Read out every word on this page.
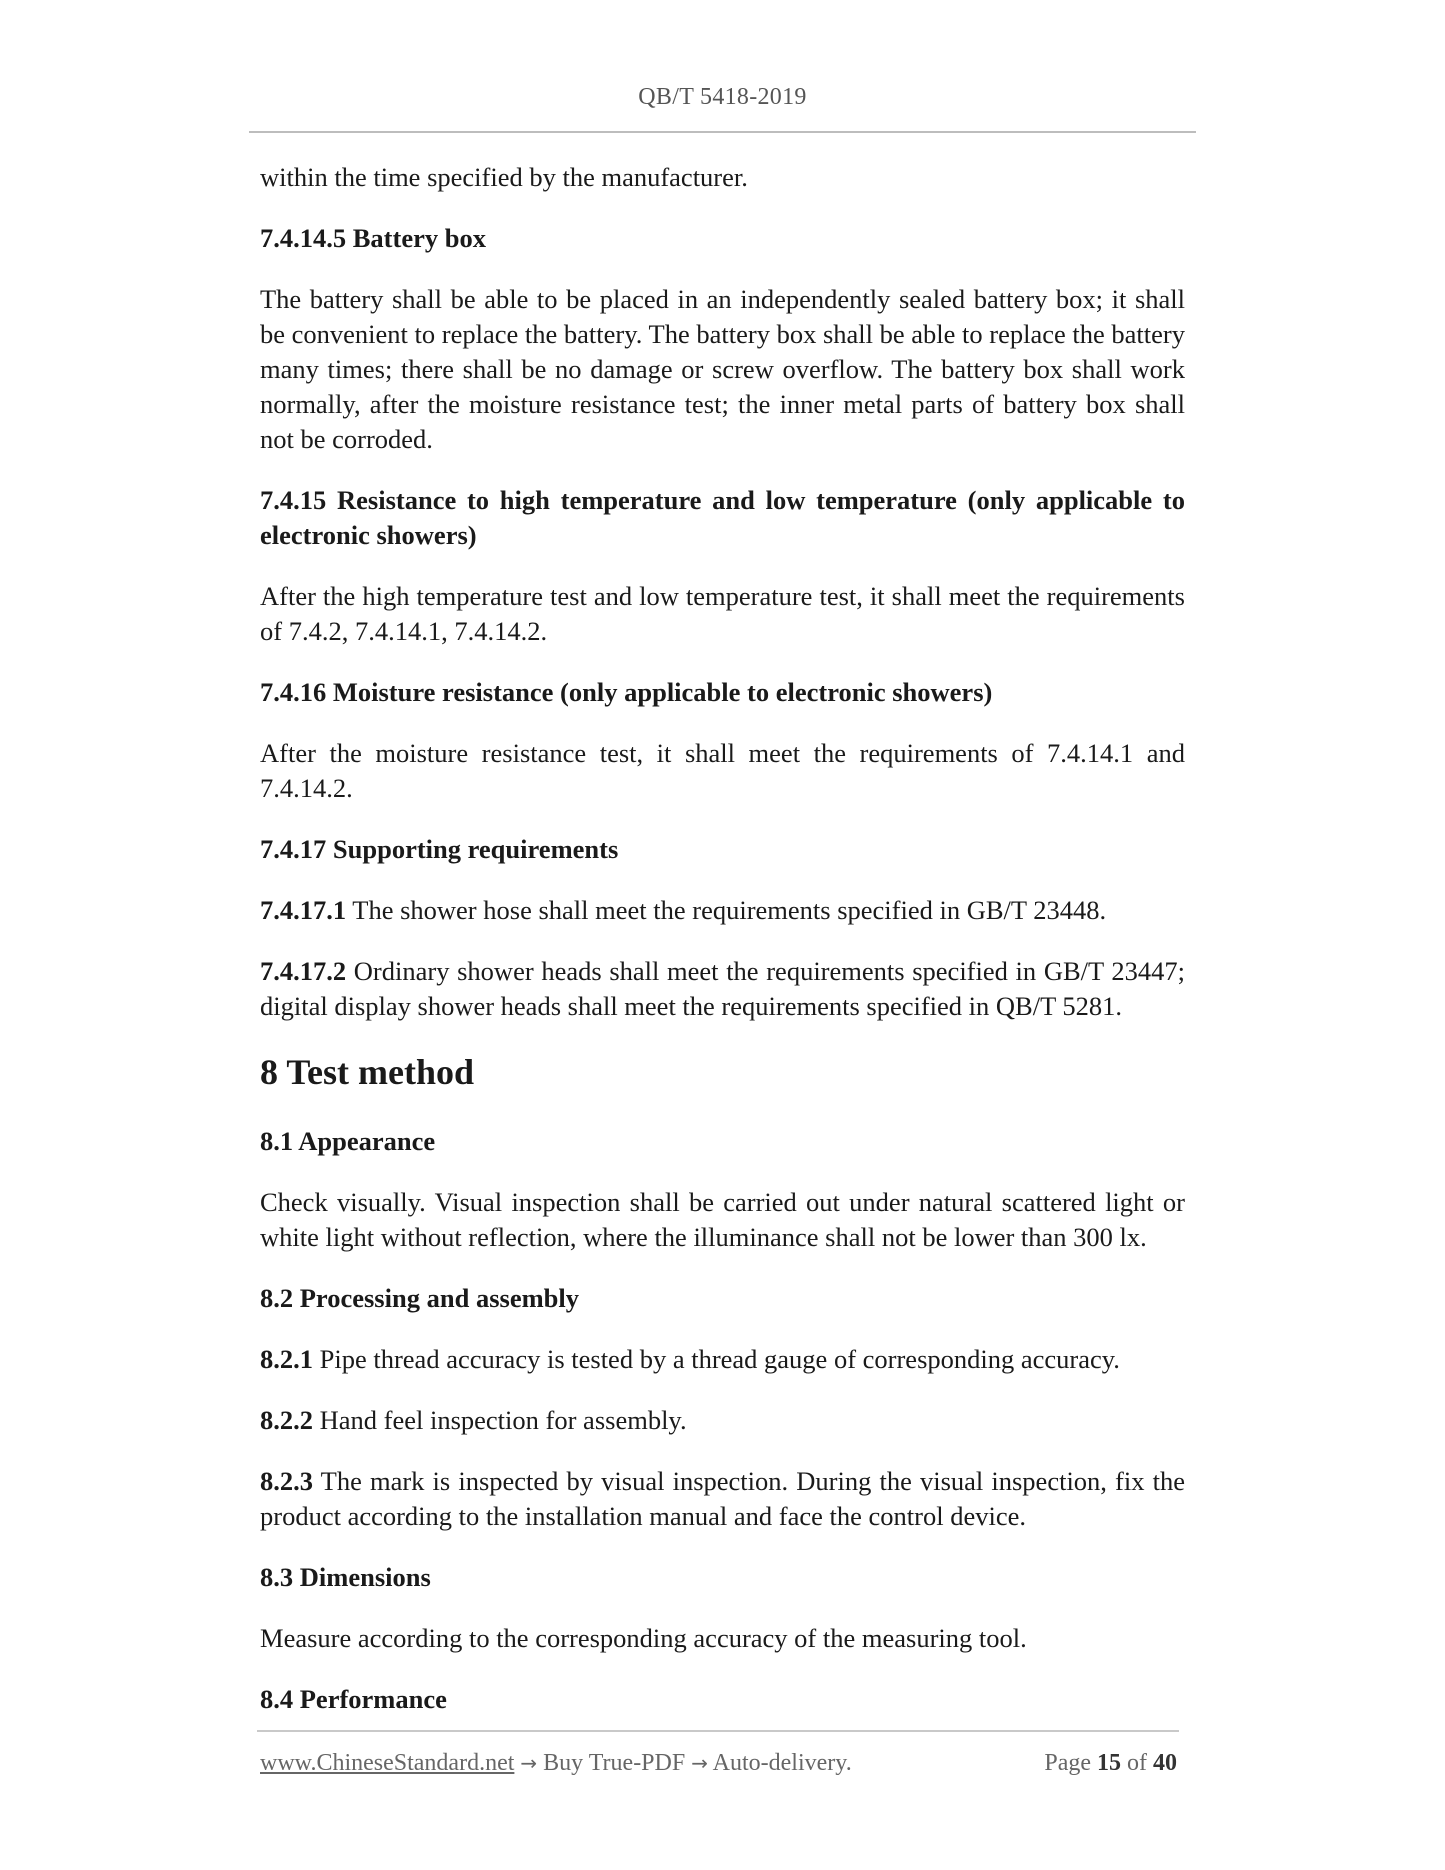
QB/T 5418-2019

within the time specified by the manufacturer.

7.4.14.5 Battery box

The battery shall be able to be placed in an independently sealed battery box; it shall be convenient to replace the battery. The battery box shall be able to replace the battery many times; there shall be no damage or screw overflow. The battery box shall work normally, after the moisture resistance test; the inner metal parts of battery box shall not be corroded.

7.4.15 Resistance to high temperature and low temperature (only applicable to electronic showers)

After the high temperature test and low temperature test, it shall meet the requirements of 7.4.2, 7.4.14.1, 7.4.14.2.

7.4.16 Moisture resistance (only applicable to electronic showers)

After the moisture resistance test, it shall meet the requirements of 7.4.14.1 and 7.4.14.2.

7.4.17 Supporting requirements

7.4.17.1 The shower hose shall meet the requirements specified in GB/T 23448.

7.4.17.2 Ordinary shower heads shall meet the requirements specified in GB/T 23447; digital display shower heads shall meet the requirements specified in QB/T 5281.

8 Test method

8.1 Appearance

Check visually. Visual inspection shall be carried out under natural scattered light or white light without reflection, where the illuminance shall not be lower than 300 lx.

8.2 Processing and assembly

8.2.1 Pipe thread accuracy is tested by a thread gauge of corresponding accuracy.

8.2.2 Hand feel inspection for assembly.

8.2.3 The mark is inspected by visual inspection. During the visual inspection, fix the product according to the installation manual and face the control device.

8.3 Dimensions

Measure according to the corresponding accuracy of the measuring tool.

8.4 Performance

www.ChineseStandard.net → Buy True-PDF → Auto-delivery.	Page 15 of 40
